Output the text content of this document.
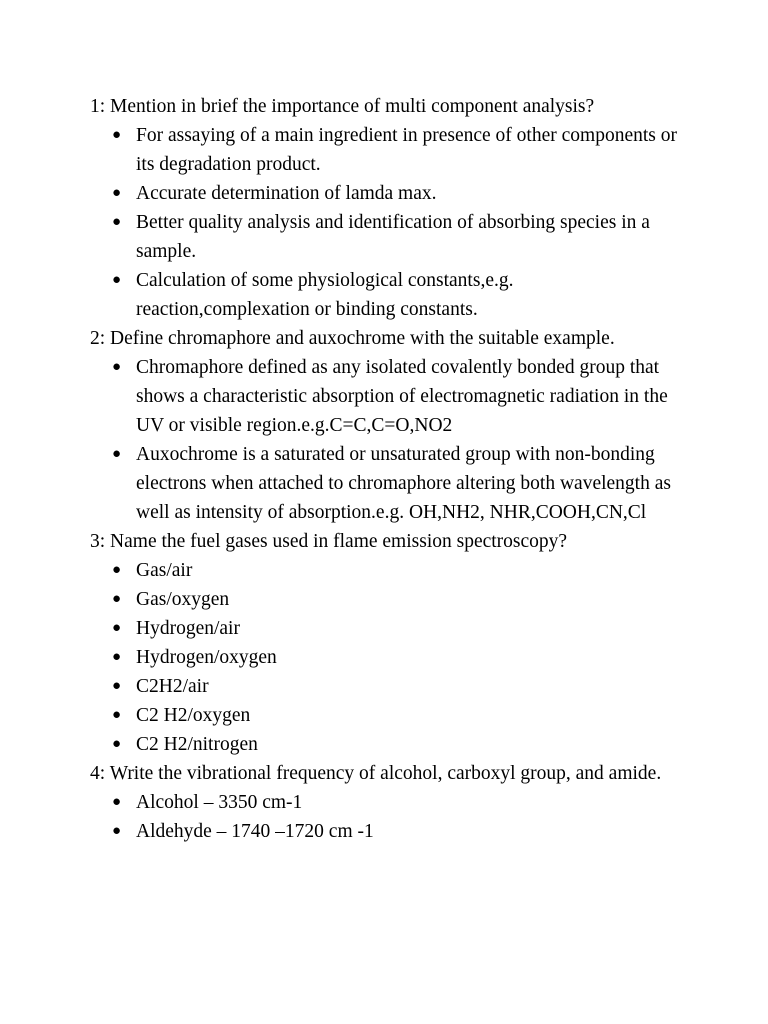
1: Mention in brief the importance of multi component analysis?

● For assaying of a main ingredient in presence of other components or its degradation product.
● Accurate determination of lamda max.
● Better quality analysis and identification of absorbing species in a sample.
● Calculation of some physiological constants,e.g. reaction,complexation or binding constants.

2: Define chromaphore and auxochrome with the suitable example.

● Chromaphore defined as any isolated covalently bonded group that shows a characteristic absorption of electromagnetic radiation in the UV or visible region.e.g.C=C,C=O,NO2
● Auxochrome is a saturated or unsaturated group with non-bonding electrons when attached to chromaphore altering both wavelength as well as intensity of absorption.e.g. OH,NH2, NHR,COOH,CN,Cl

3: Name the fuel gases used in flame emission spectroscopy?

● Gas/air
● Gas/oxygen
● Hydrogen/air
● Hydrogen/oxygen
● C2H2/air
● C2 H2/oxygen
● C2 H2/nitrogen

4: Write the vibrational frequency of alcohol, carboxyl group, and amide.

● Alcohol – 3350 cm-1
● Aldehyde – 1740 –1720 cm -1
